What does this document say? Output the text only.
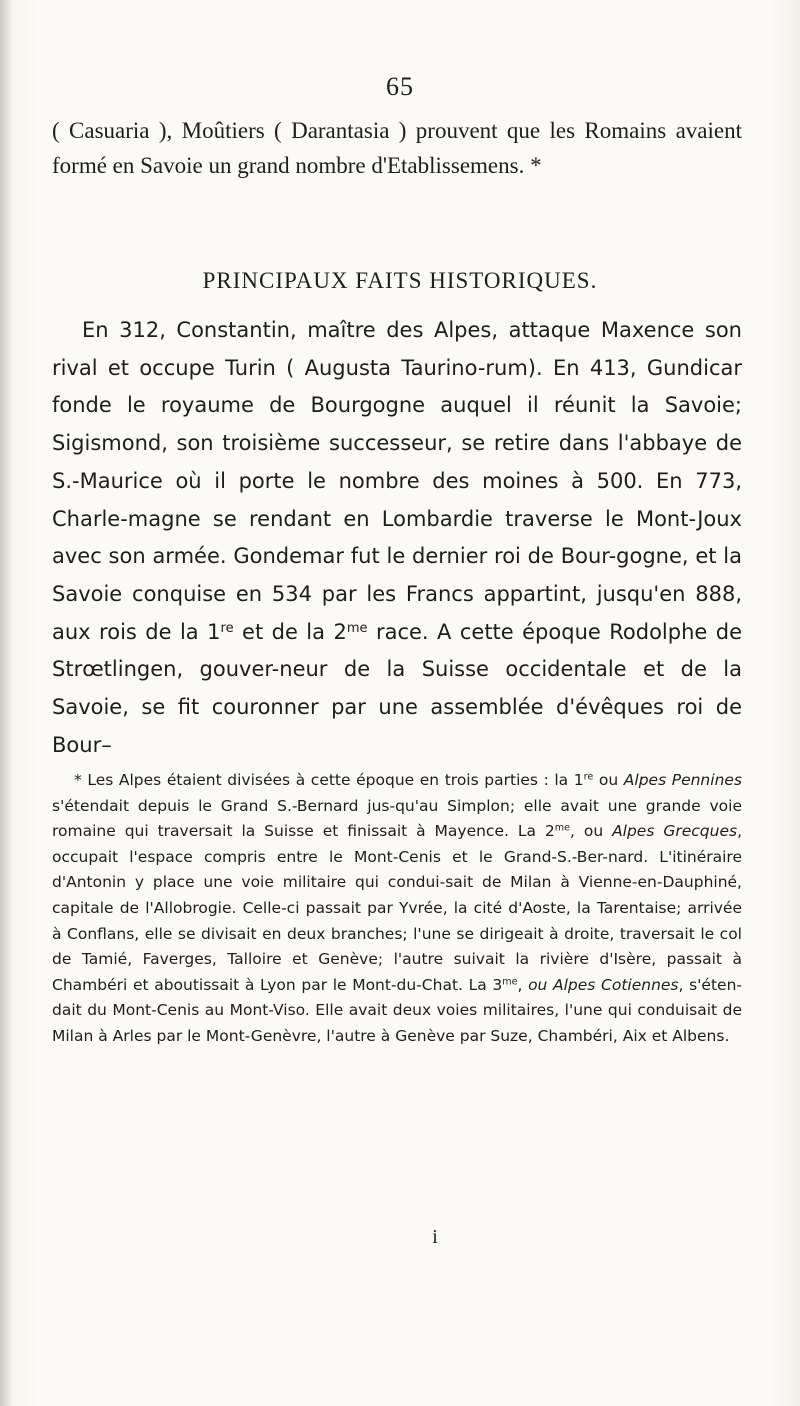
65
( Casuaria ), Moûtiers ( Darantasia ) prouvent que les Romains avaient formé en Savoie un grand nombre d'Etablissemens. *
PRINCIPAUX FAITS HISTORIQUES.

En 312, Constantin, maître des Alpes, attaque Maxence son rival et occupe Turin ( Augusta Taurino-rum). En 413, Gundicar fonde le royaume de Bourgogne auquel il réunit la Savoie; Sigismond, son troisième successeur, se retire dans l'abbaye de S.-Maurice où il porte le nombre des moines à 500. En 773, Charle-magne se rendant en Lombardie traverse le Mont-Joux avec son armée. Gondemar fut le dernier roi de Bour-gogne, et la Savoie conquise en 534 par les Francs appartint, jusqu'en 888, aux rois de la 1re et de la $2^{me}$ race. A cette époque Rodolphe de Strœtlingen, gouver-neur de la Suisse occidentale et de la Savoie, se fit couronner par une assemblée d'évêques roi de Bour–

* Les Alpes étaient divisées à cette époque en trois parties : la 1re ou Alpes Pennines s'étendait depuis le Grand S.-Bernard jus-qu'au Simplon; elle avait une grande voie romaine qui traversait la Suisse et finissait à Mayence. La $2^{me}$, ou Alpes Grecques, occupait l'espace compris entre le Mont-Cenis et le Grand-S.-Ber-nard. L'itinéraire d'Antonin y place une voie militaire qui condui-sait de Milan à Vienne-en-Dauphiné, capitale de l'Allobrogie. Celle-ci passait par Yvrée, la cité d'Aoste, la Tarentaise; arrivée à Conflans, elle se divisait en deux branches; l'une se dirigeait à droite, traversait le col de Tamié, Faverges, Talloire et Genève; l'autre suivait la rivière d'Isère, passait à Chambéri et aboutissait à Lyon par le Mont-du-Chat. La $3^{me}$, ou Alpes Cotiennes, s'éten-dait du Mont-Cenis au Mont-Viso. Elle avait deux voies militaires, l'une qui conduisait de Milan à Arles par le Mont-Genèvre, l'autre à Genève par Suze, Chambéri, Aix et Albens.

i
